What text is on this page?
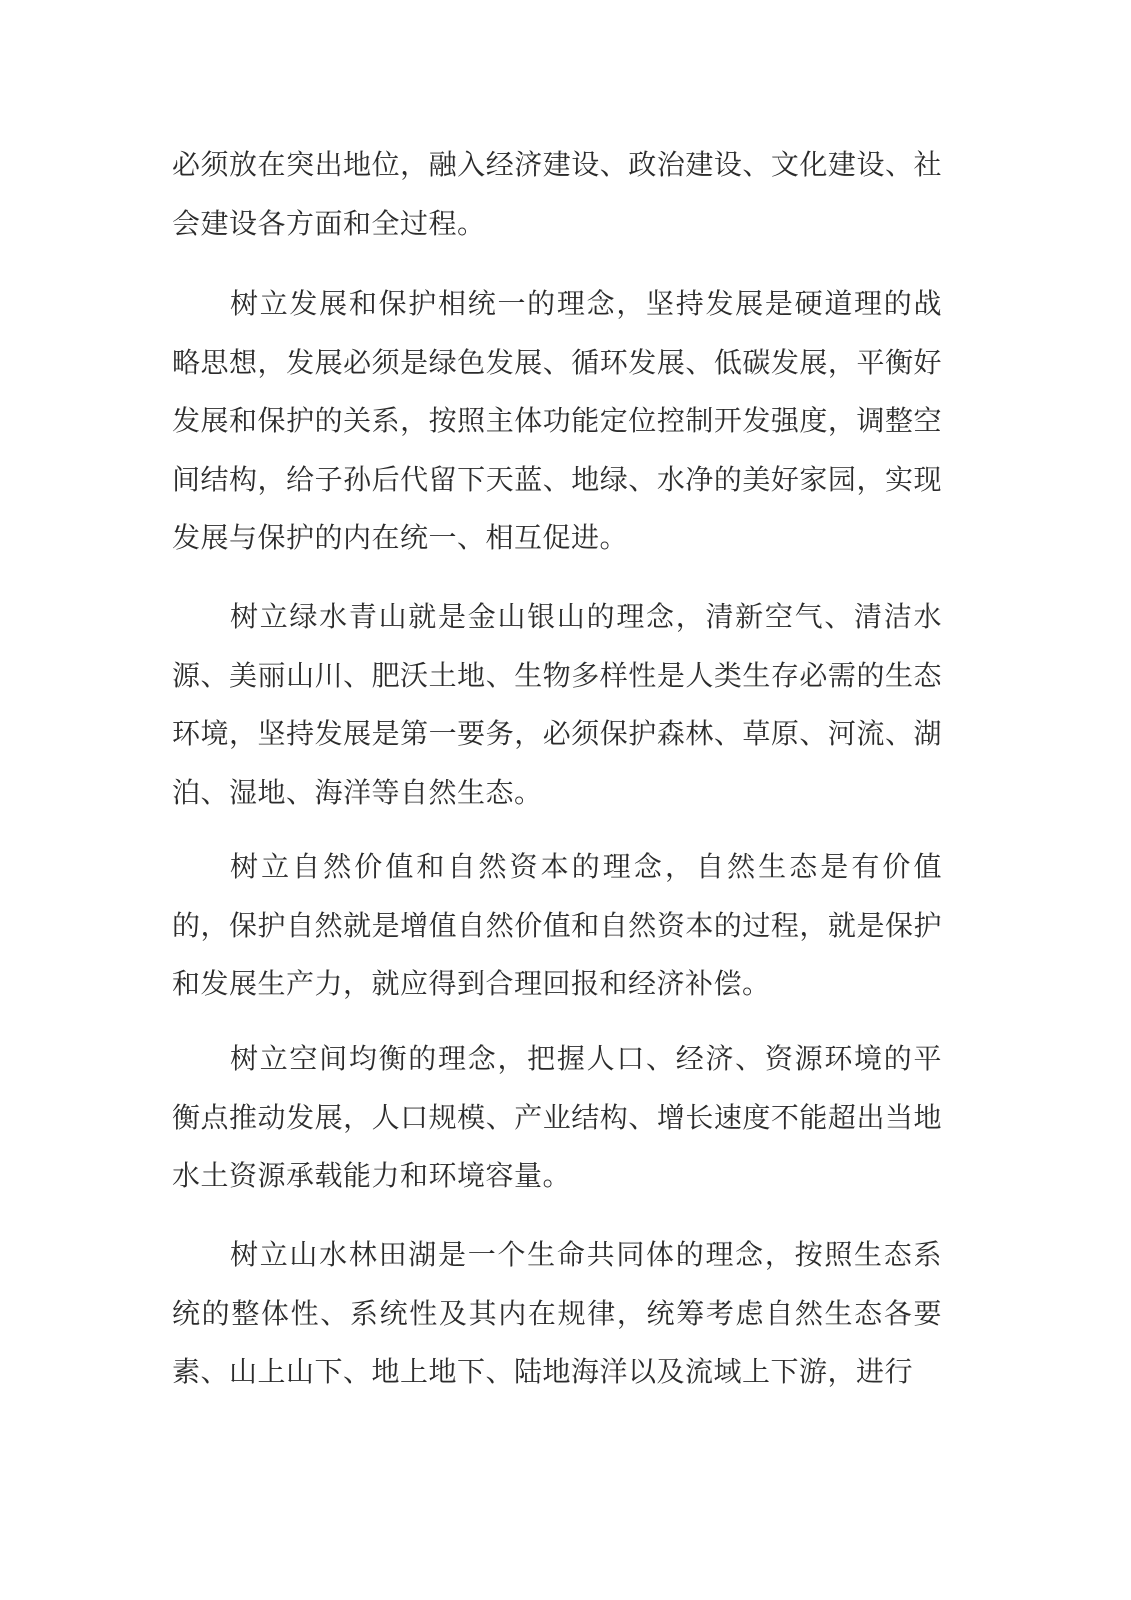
必须放在突出地位，融入经济建设、政治建设、文化建设、社会建设各方面和全过程。

树立发展和保护相统一的理念，坚持发展是硬道理的战略思想，发展必须是绿色发展、循环发展、低碳发展，平衡好发展和保护的关系，按照主体功能定位控制开发强度，调整空间结构，给子孙后代留下天蓝、地绿、水净的美好家园，实现发展与保护的内在统一、相互促进。

树立绿水青山就是金山银山的理念，清新空气、清洁水源、美丽山川、肥沃土地、生物多样性是人类生存必需的生态环境，坚持发展是第一要务，必须保护森林、草原、河流、湖泊、湿地、海洋等自然生态。

树立自然价值和自然资本的理念，自然生态是有价值的，保护自然就是增值自然价值和自然资本的过程，就是保护和发展生产力，就应得到合理回报和经济补偿。

树立空间均衡的理念，把握人口、经济、资源环境的平衡点推动发展，人口规模、产业结构、增长速度不能超出当地水土资源承载能力和环境容量。

树立山水林田湖是一个生命共同体的理念，按照生态系统的整体性、系统性及其内在规律，统筹考虑自然生态各要素、山上山下、地上地下、陆地海洋以及流域上下游，进行
